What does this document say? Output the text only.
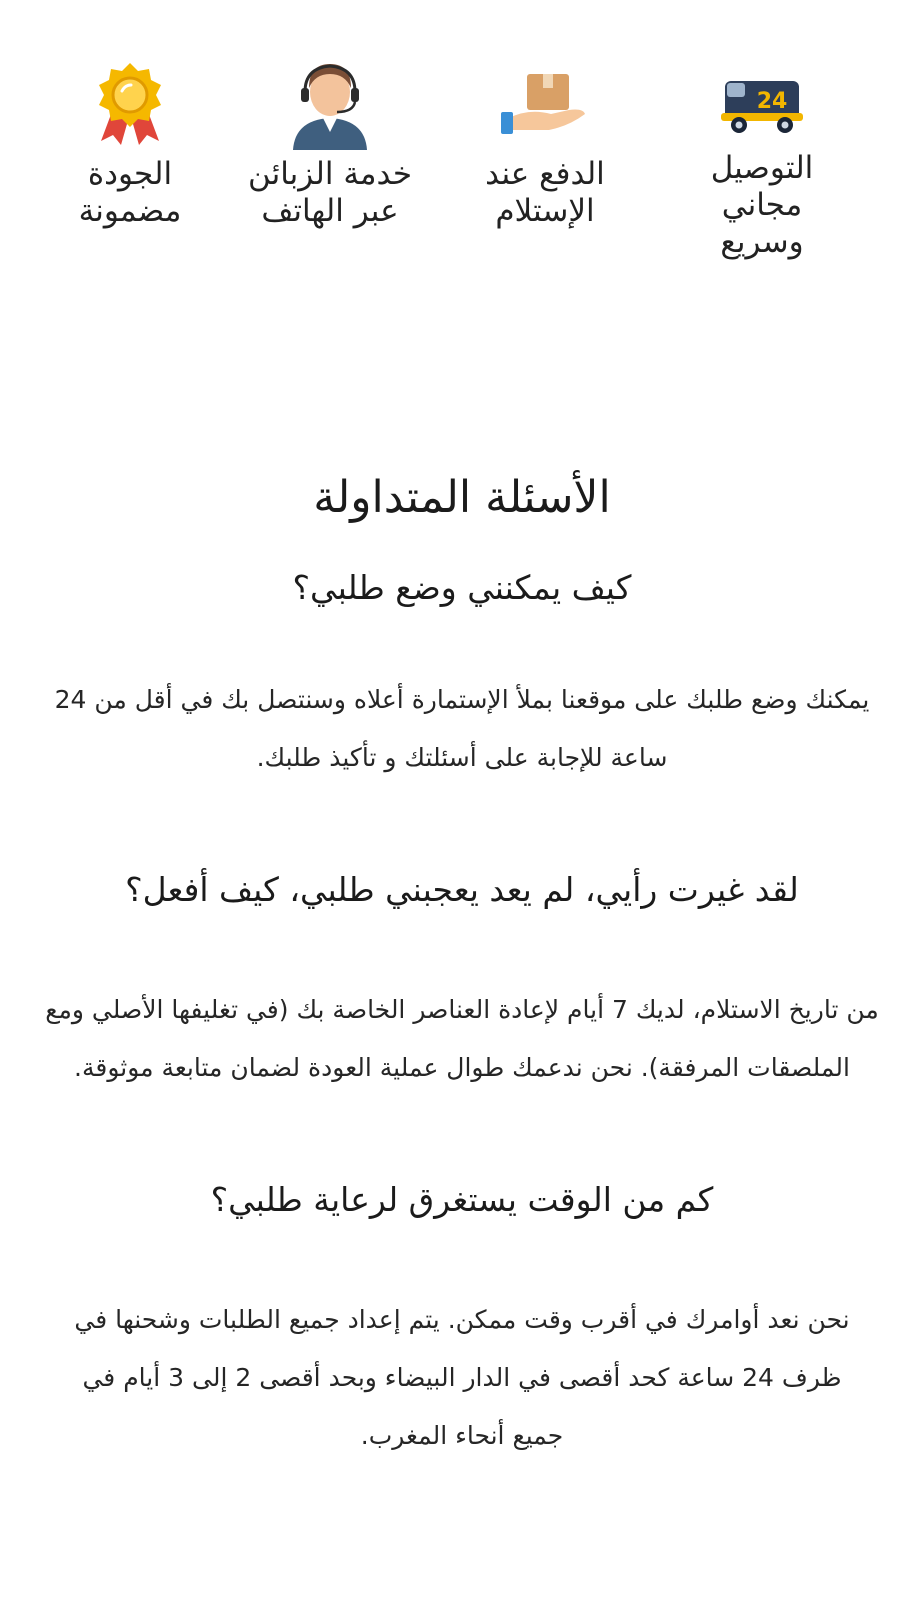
24
التوصيل
مجاني
وسريع
الدفع عند
الإستلام
خدمة الزبائن
عبر الهاتف
الجودة
مضمونة
الأسئلة المتداولة
كيف يمكنني وضع طلبي؟

يمكنك وضع طلبك على موقعنا بملأ الإستمارة أعلاه وسنتصل بك في أقل من 24 ساعة للإجابة على أسئلتك و تأكيذ طلبك.

لقد غيرت رأيي، لم يعد يعجبني طلبي، كيف أفعل؟

من تاريخ الاستلام، لديك 7 أيام لإعادة العناصر الخاصة بك (في تغليفها الأصلي ومع الملصقات المرفقة). نحن ندعمك طوال عملية العودة لضمان متابعة موثوقة.

كم من الوقت يستغرق لرعاية طلبي؟

نحن نعد أوامرك في أقرب وقت ممكن. يتم إعداد جميع الطلبات وشحنها في ظرف 24 ساعة كحد أقصى في الدار البيضاء وبحد أقصى 2 إلى 3 أيام في جميع أنحاء المغرب.
